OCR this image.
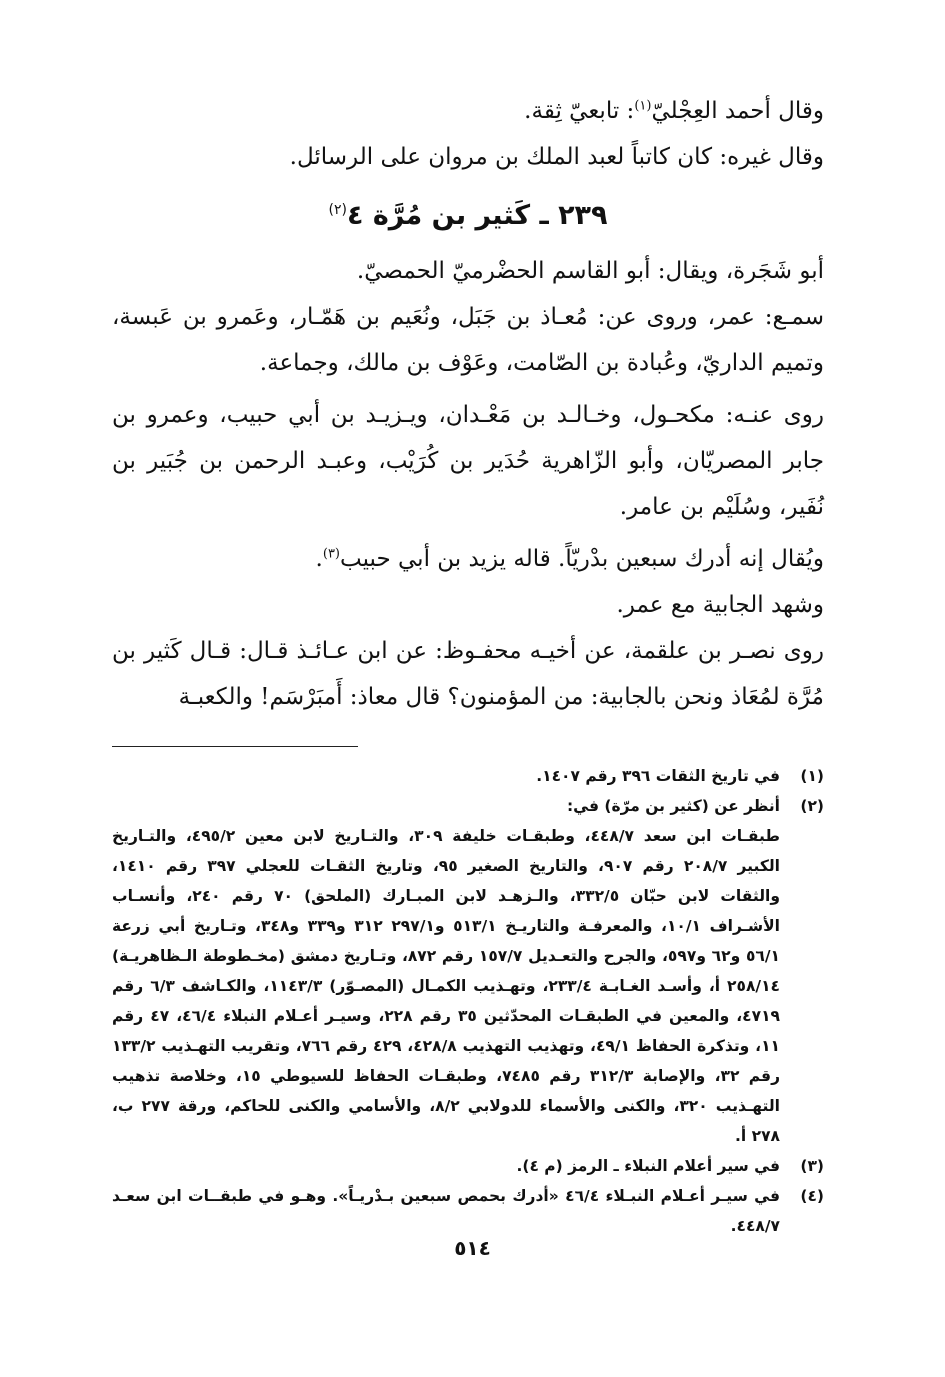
وقال أحمد العِجْليّ$^{(١)}$: تابعيّ ثِقة.

وقال غيره: كان كاتباً لعبد الملك بن مروان على الرسائل.

٢٣٩ ـ كَثير بن مُرَّة ٤$^{(٢)}$

أبو شَجَرة، ويقال: أبو القاسم الحضْرميّ الحمصيّ.

سمـع: عمر، وروى عن: مُعـاذ بن جَبَل، ونُعَيم بن هَمّـار، وعَمرو بن عَبسة، وتميم الداريّ، وعُبادة بن الصّامت، وعَوْف بن مالك، وجماعة.

روى عنـه: مكحـول، وخـالـد بن مَعْـدان، ويـزيـد بن أبي حبيب، وعمرو بن جابر المصريّان، وأبو الزّاهرية حُدَير بن كُرَيْب، وعبـد الرحمن بن جُبَير بن نُفَير، وسُلَيْم بن عامر.

ويُقال إنه أدرك سبعين بدْريّاً. قاله يزيد بن أبي حبيب$^{(٣)}$.

وشهد الجابية مع عمر.

روى نصـر بن علقمة، عن أخيـه محفـوظ: عن ابن عـائـذ قـال: قـال كَثير بن مُرَّة لمُعَاذ ونحن بالجابية: من المؤمنون؟ قال معاذ: أَمبَرْسَم! والكعبـة

(١)
في تاريخ الثقات ٣٩٦ رقم ١٤٠٧.
(٢)
أنظر عن (كثير بن مرّة) في:
طبقـات ابن سعد ٤٤٨/٧، وطبقـات خليفة ٣٠٩، والتـاريخ لابن معين ٤٩٥/٢، والتـاريخ الكبير ٢٠٨/٧ رقم ٩٠٧، والتاريخ الصغير ٩٥، وتاريخ الثقـات للعجلي ٣٩٧ رقم ١٤١٠، والثقات لابن حبّان ٣٣٢/٥، والـزهـد لابن المبـارك (الملحق) ٧٠ رقم ٢٤٠، وأنسـاب الأشـراف ١٠/١، والمعرفـة والتاريـخ ٥١٣/١ و٢٩٧/١ ٣١٢ و٣٣٩ و٣٤٨، وتـاريخ أبي زرعة ٥٦/١ و٦٢ و٥٩٧، والجرح والتعـديل ١٥٧/٧ رقم ٨٧٢، وتـاريخ دمشق (مخـطوطة الـظاهريـة) ٢٥٨/١٤ أ، وأسـد الغـابـة ٢٣٣/٤، وتهـذيب الكمـال (المصـوّر) ١١٤٣/٣، والكـاشف ٦/٣ رقم ٤٧١٩، والمعين في الطبقـات المحدّثين ٣٥ رقم ٢٢٨، وسيـر أعـلام النبلاء ٤٦/٤، ٤٧ رقم ١١، وتذكرة الحفاظ ٤٩/١، وتهذيب التهذيب ٤٢٨/٨، ٤٢٩ رقم ٧٦٦، وتقريب التهـذيب ١٣٣/٢ رقم ٣٢، والإصابة ٣١٢/٣ رقم ٧٤٨٥، وطبقـات الحفاظ للسيوطي ١٥، وخلاصة تذهيب التهـذيب ٣٢٠، والكنى والأسماء للدولابي ٨/٢، والأسامي والكنى للحاكم، ورقة ٢٧٧ ب، ٢٧٨ أ.
(٣)
في سير أعلام النبلاء ـ الرمز (م ٤).
(٤)
في سيـر أعـلام النبـلاء ٤٦/٤ «أدرك بحمص سبعين بـدْريـاً». وهـو في طبقــات ابن سعـد ٤٤٨/٧.
٥١٤
